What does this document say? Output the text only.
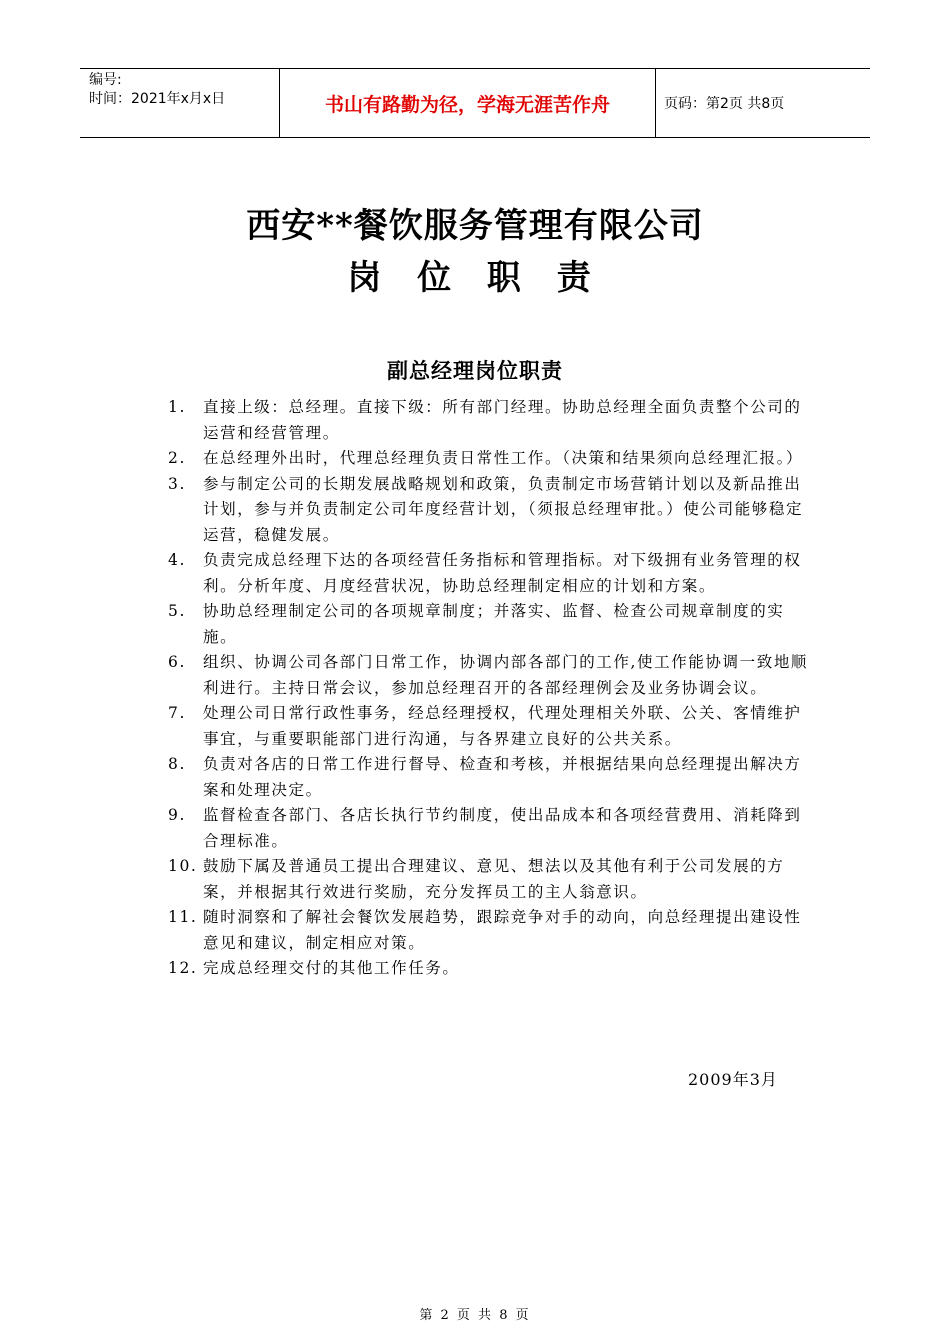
编号:
时间：2021年x月x日	书山有路勤为径，学海无涯苦作舟	页码：第2页 共8页
西安**餐饮服务管理有限公司
岗 位 职 责
副总经理岗位职责
1. 直接上级：总经理。直接下级：所有部门经理。协助总经理全面负责整个公司的运营和经营管理。
2. 在总经理外出时，代理总经理负责日常性工作。（决策和结果须向总经理汇报。）
3. 参与制定公司的长期发展战略规划和政策，负责制定市场营销计划以及新品推出计划，参与并负责制定公司年度经营计划，（须报总经理审批。）使公司能够稳定运营，稳健发展。
4. 负责完成总经理下达的各项经营任务指标和管理指标。对下级拥有业务管理的权利。分析年度、月度经营状况，协助总经理制定相应的计划和方案。
5. 协助总经理制定公司的各项规章制度；并落实、监督、检查公司规章制度的实施。
6. 组织、协调公司各部门日常工作，协调内部各部门的工作,使工作能协调一致地顺利进行。主持日常会议，参加总经理召开的各部经理例会及业务协调会议。
7. 处理公司日常行政性事务，经总经理授权，代理处理相关外联、公关、客情维护事宜，与重要职能部门进行沟通，与各界建立良好的公共关系。
8. 负责对各店的日常工作进行督导、检查和考核，并根据结果向总经理提出解决方案和处理决定。
9. 监督检查各部门、各店长执行节约制度，使出品成本和各项经营费用、消耗降到合理标准。
10. 鼓励下属及普通员工提出合理建议、意见、想法以及其他有利于公司发展的方案，并根据其行效进行奖励，充分发挥员工的主人翁意识。
11. 随时洞察和了解社会餐饮发展趋势，跟踪竞争对手的动向，向总经理提出建设性意见和建议，制定相应对策。
12. 完成总经理交付的其他工作任务。
2009年3月
第 2 页 共 8 页
